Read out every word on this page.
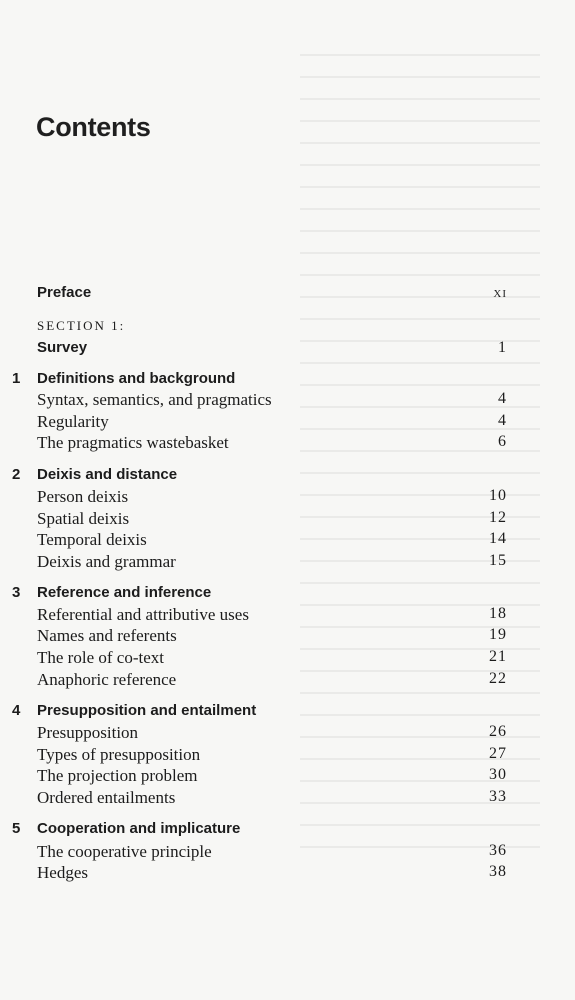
Contents
Preface	xi
SECTION 1:
Survey	1
1 Definitions and background
Syntax, semantics, and pragmatics	4
Regularity	4
The pragmatics wastebasket	6
2 Deixis and distance
Person deixis	10
Spatial deixis	12
Temporal deixis	14
Deixis and grammar	15
3 Reference and inference
Referential and attributive uses	18
Names and referents	19
The role of co-text	21
Anaphoric reference	22
4 Presupposition and entailment
Presupposition	26
Types of presupposition	27
The projection problem	30
Ordered entailments	33
5 Cooperation and implicature
The cooperative principle	36
Hedges	38
